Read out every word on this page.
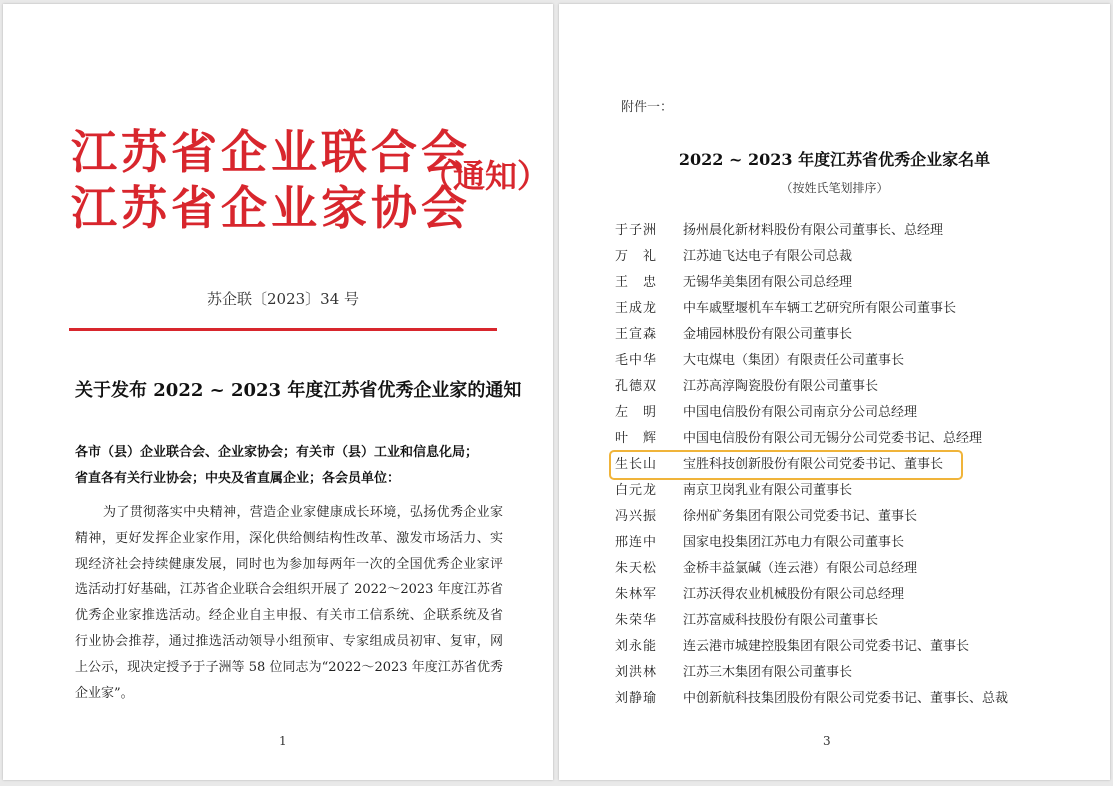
江苏省企业联合会
江苏省企业家协会
（通知）
苏企联〔2023〕34 号
关于发布 2022 ~ 2023 年度江苏省优秀企业家的通知
各市（县）企业联合会、企业家协会；有关市（县）工业和信息化局；
省直各有关行业协会；中央及省直属企业；各会员单位：
为了贯彻落实中央精神，营造企业家健康成长环境，弘扬优秀企业家精神，更好发挥企业家作用，深化供给侧结构性改革、激发市场活力、实现经济社会持续健康发展，同时也为参加每两年一次的全国优秀企业家评选活动打好基础，江苏省企业联合会组织开展了 2022～2023 年度江苏省优秀企业家推选活动。经企业自主申报、有关市工信系统、企联系统及省行业协会推荐，通过推选活动领导小组预审、专家组成员初审、复审，网上公示，现决定授予于子洲等 58 位同志为“2022～2023 年度江苏省优秀企业家”。
1
附件一：
2022 ~ 2023 年度江苏省优秀企业家名单
（按姓氏笔划排序）
于子洲	扬州晨化新材料股份有限公司董事长、总经理
万　礼	江苏迪飞达电子有限公司总裁
王　忠	无锡华美集团有限公司总经理
王成龙	中车戚墅堰机车车辆工艺研究所有限公司董事长
王宣森	金埔园林股份有限公司董事长
毛中华	大屯煤电（集团）有限责任公司董事长
孔德双	江苏高淳陶瓷股份有限公司董事长
左　明	中国电信股份有限公司南京分公司总经理
叶　辉	中国电信股份有限公司无锡分公司党委书记、总经理
生长山	宝胜科技创新股份有限公司党委书记、董事长
白元龙	南京卫岗乳业有限公司董事长
冯兴振	徐州矿务集团有限公司党委书记、董事长
邢连中	国家电投集团江苏电力有限公司董事长
朱天松	金桥丰益氯碱（连云港）有限公司总经理
朱林军	江苏沃得农业机械股份有限公司总经理
朱荣华	江苏富威科技股份有限公司董事长
刘永能	连云港市城建控股集团有限公司党委书记、董事长
刘洪林	江苏三木集团有限公司董事长
刘静瑜	中创新航科技集团股份有限公司党委书记、董事长、总裁
3
